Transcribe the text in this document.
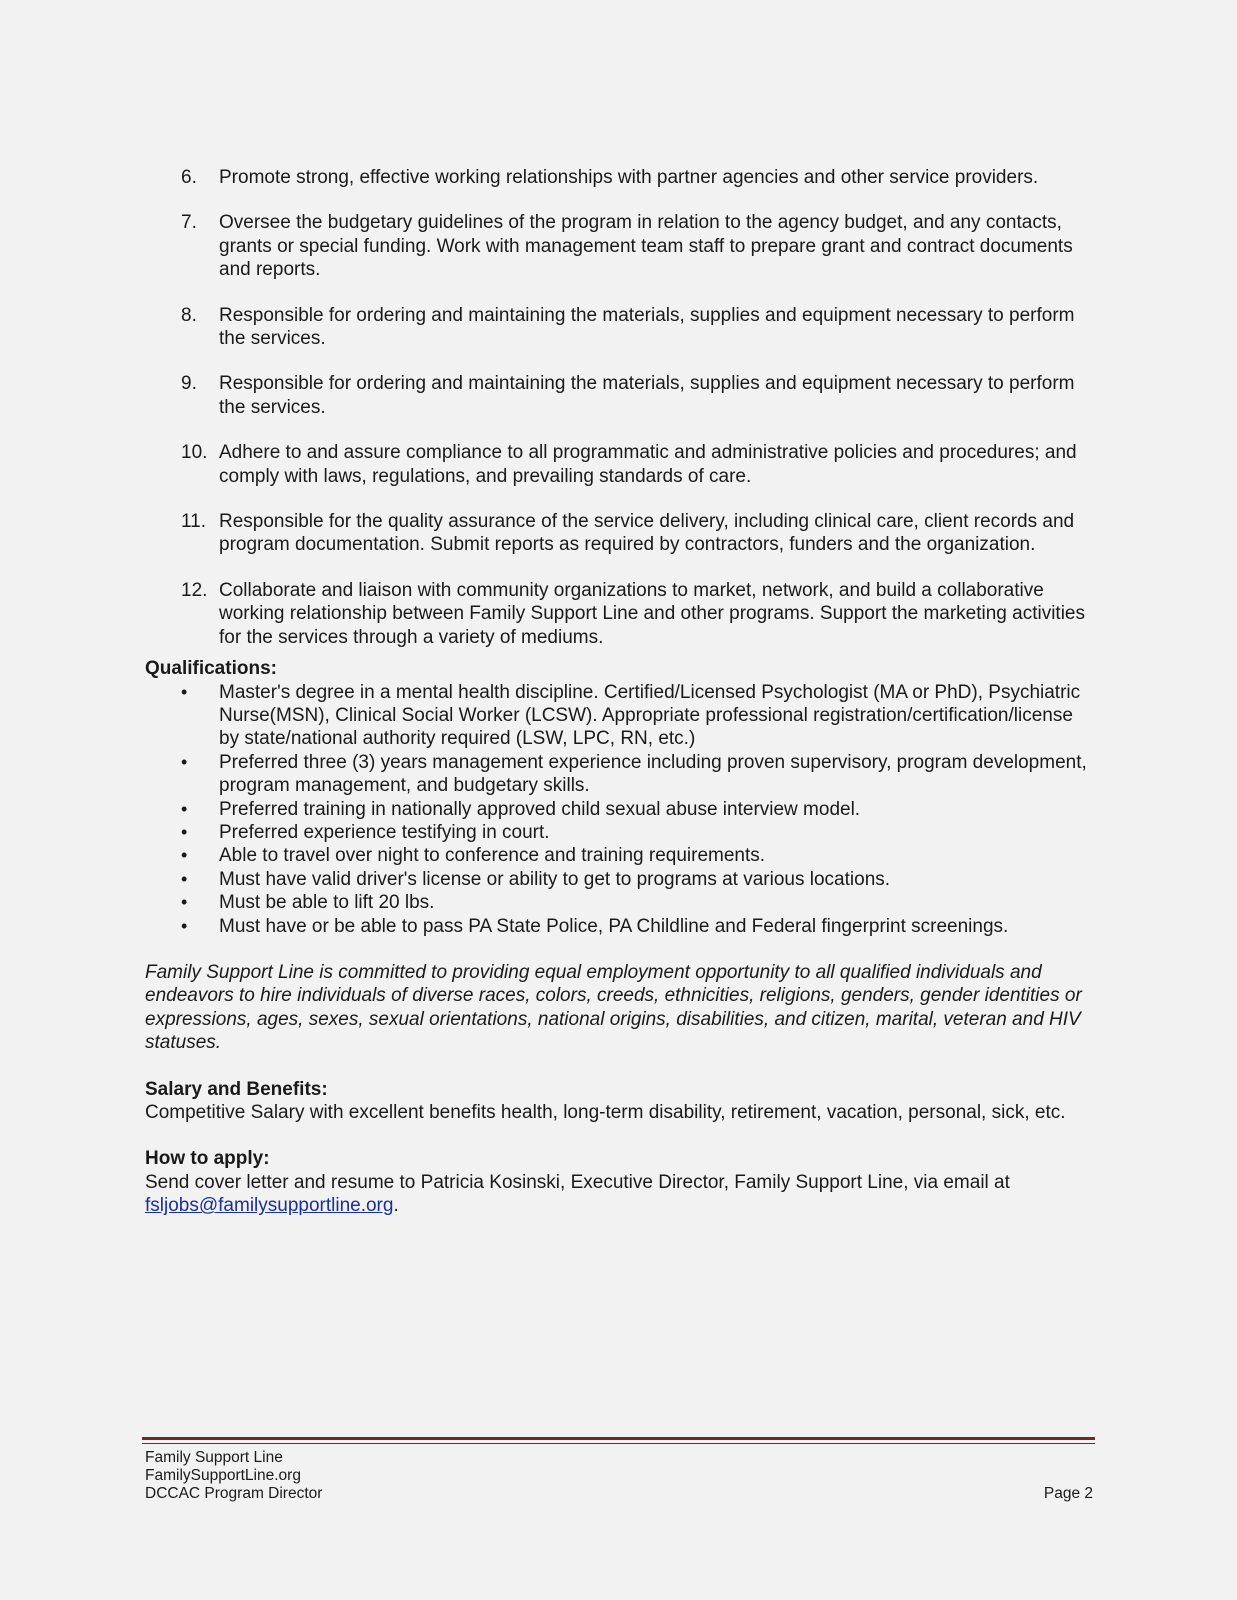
6. Promote strong, effective working relationships with partner agencies and other service providers.
7. Oversee the budgetary guidelines of the program in relation to the agency budget, and any contacts, grants or special funding. Work with management team staff to prepare grant and contract documents and reports.
8. Responsible for ordering and maintaining the materials, supplies and equipment necessary to perform the services.
9. Responsible for ordering and maintaining the materials, supplies and equipment necessary to perform the services.
10. Adhere to and assure compliance to all programmatic and administrative policies and procedures; and comply with laws, regulations, and prevailing standards of care.
11. Responsible for the quality assurance of the service delivery, including clinical care, client records and program documentation. Submit reports as required by contractors, funders and the organization.
12. Collaborate and liaison with community organizations to market, network, and build a collaborative working relationship between Family Support Line and other programs. Support the marketing activities for the services through a variety of mediums.

Qualifications:

• Master's degree in a mental health discipline. Certified/Licensed Psychologist (MA or PhD), Psychiatric Nurse(MSN), Clinical Social Worker (LCSW). Appropriate professional registration/certification/license by state/national authority required (LSW, LPC, RN, etc.)
• Preferred three (3) years management experience including proven supervisory, program development, program management, and budgetary skills.
• Preferred training in nationally approved child sexual abuse interview model.
• Preferred experience testifying in court.
• Able to travel over night to conference and training requirements.
• Must have valid driver's license or ability to get to programs at various locations.
• Must be able to lift 20 lbs.
• Must have or be able to pass PA State Police, PA Childline and Federal fingerprint screenings.

Family Support Line is committed to providing equal employment opportunity to all qualified individuals and endeavors to hire individuals of diverse races, colors, creeds, ethnicities, religions, genders, gender identities or expressions, ages, sexes, sexual orientations, national origins, disabilities, and citizen, marital, veteran and HIV statuses.

Salary and Benefits:

Competitive Salary with excellent benefits health, long-term disability, retirement, vacation, personal, sick, etc.

How to apply:

Send cover letter and resume to Patricia Kosinski, Executive Director, Family Support Line, via email at fsljobs@familysupportline.org.

Family Support Line
FamilySupportLine.org
DCCAC Program Director	Page 2
